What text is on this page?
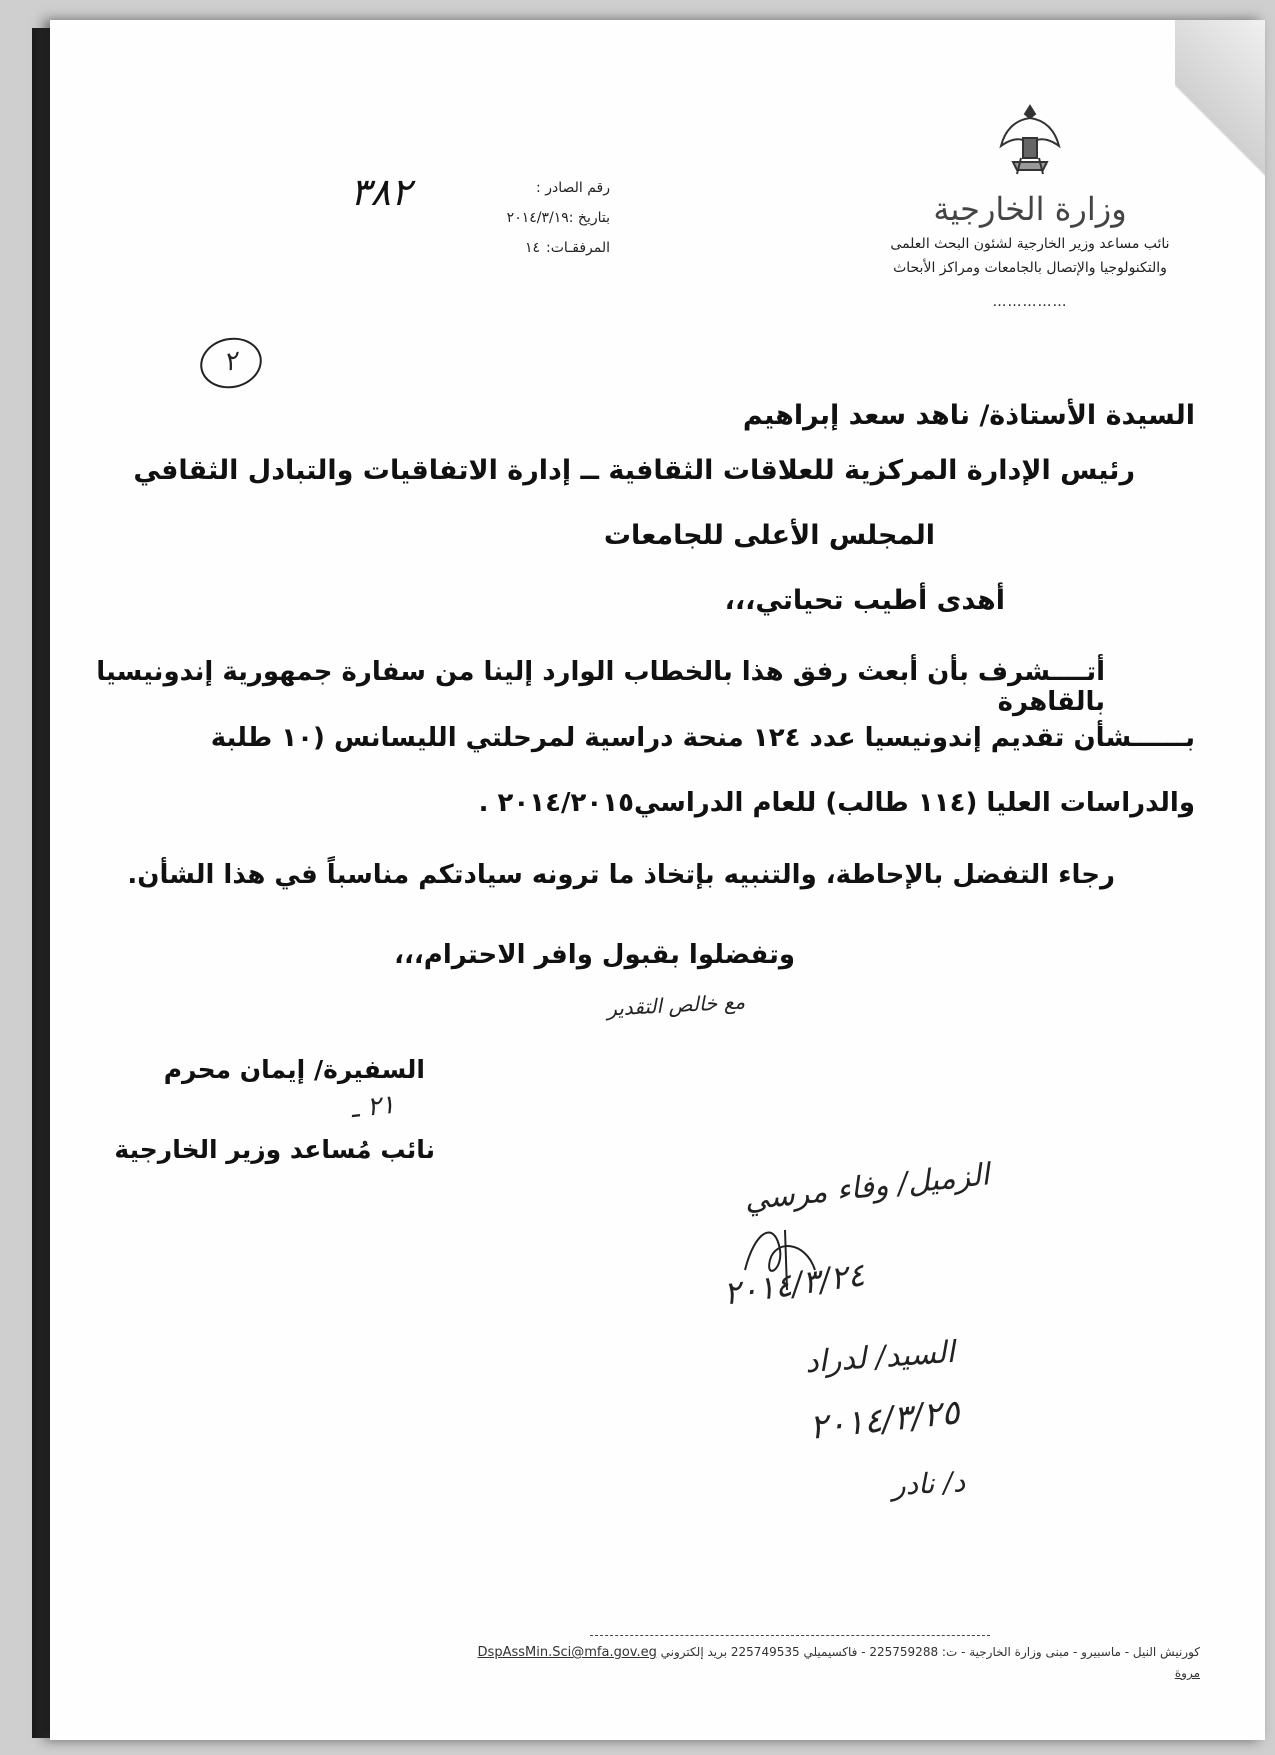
وزارة الخارجية
نائب مساعد وزير الخارجية لشئون البحث العلمى
والتكنولوجيا والإتصال بالجامعات ومراكز الأبحاث
……………
٣٨٢	رقم الصادر :
بتاريخ :
٢٠١٤/٣/١٩
المرفقـات:
١٤
٢
السيدة الأستاذة/ ناهد سعد إبراهيم
رئيس الإدارة المركزية للعلاقات الثقافية ــ إدارة الاتفاقيات والتبادل الثقافي
المجلس الأعلى للجامعات
أهدى أطيب تحياتي،،،
أتــــشرف بأن أبعث رفق هذا بالخطاب الوارد إلينا من سفارة جمهورية إندونيسيا بالقاهرة
بــــــشأن تقديم إندونيسيا عدد ١٢٤ منحة دراسية لمرحلتي الليسانس (١٠ طلبة
والدراسات العليا (١١٤ طالب) للعام الدراسي٢٠١٤/٢٠١٥ .
رجاء التفضل بالإحاطة، والتنبيه بإتخاذ ما ترونه سيادتكم مناسباً في هذا الشأن.
وتفضلوا بقبول وافر الاحترام،،،
مع خالص التقدير
السفيرة/ إيمان محرم
٢١ ـ
نائب مُساعد وزير الخارجية
الزميل/ وفاء مرسي
٢٠١٤/٣/٢٤
السيد/ لدراد
٢٠١٤/٣/٢٥
د/ نادر
كورنيش النيل - ماسبيرو - مبنى وزارة الخارجية - ت: 225759288 - فاكسيميلي 225749535 بريد إلكتروني DspAssMin.Sci@mfa.gov.eg
مروة
